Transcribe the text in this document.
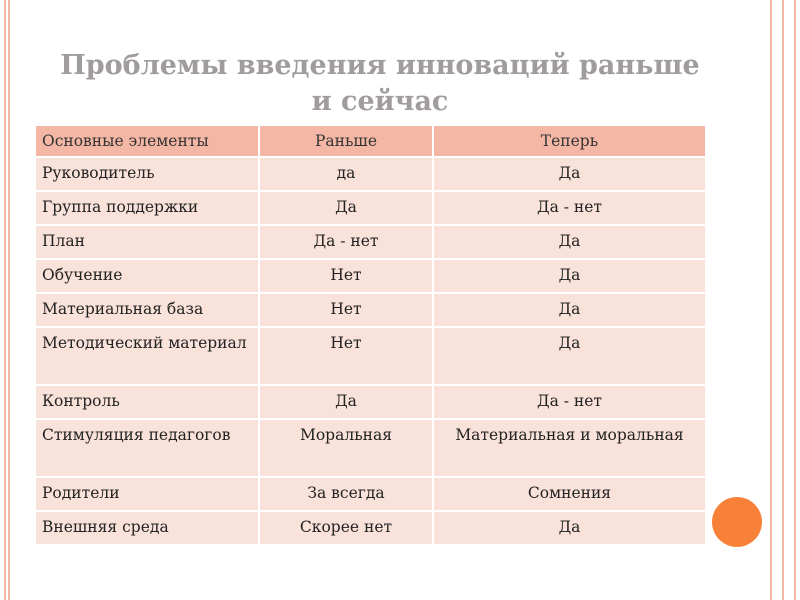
Проблемы введения инноваций раньше
и сейчас
Основные элементы	Раньше	Теперь
Руководитель	да	Да
Группа поддержки	Да	Да - нет
План	Да - нет	Да
Обучение	Нет	Да
Материальная база	Нет	Да
Методический материал	Нет	Да
Контроль	Да	Да - нет
Стимуляция педагогов	Моральная	Материальная и моральная
Родители	За всегда	Сомнения
Внешняя среда	Скорее нет	Да
